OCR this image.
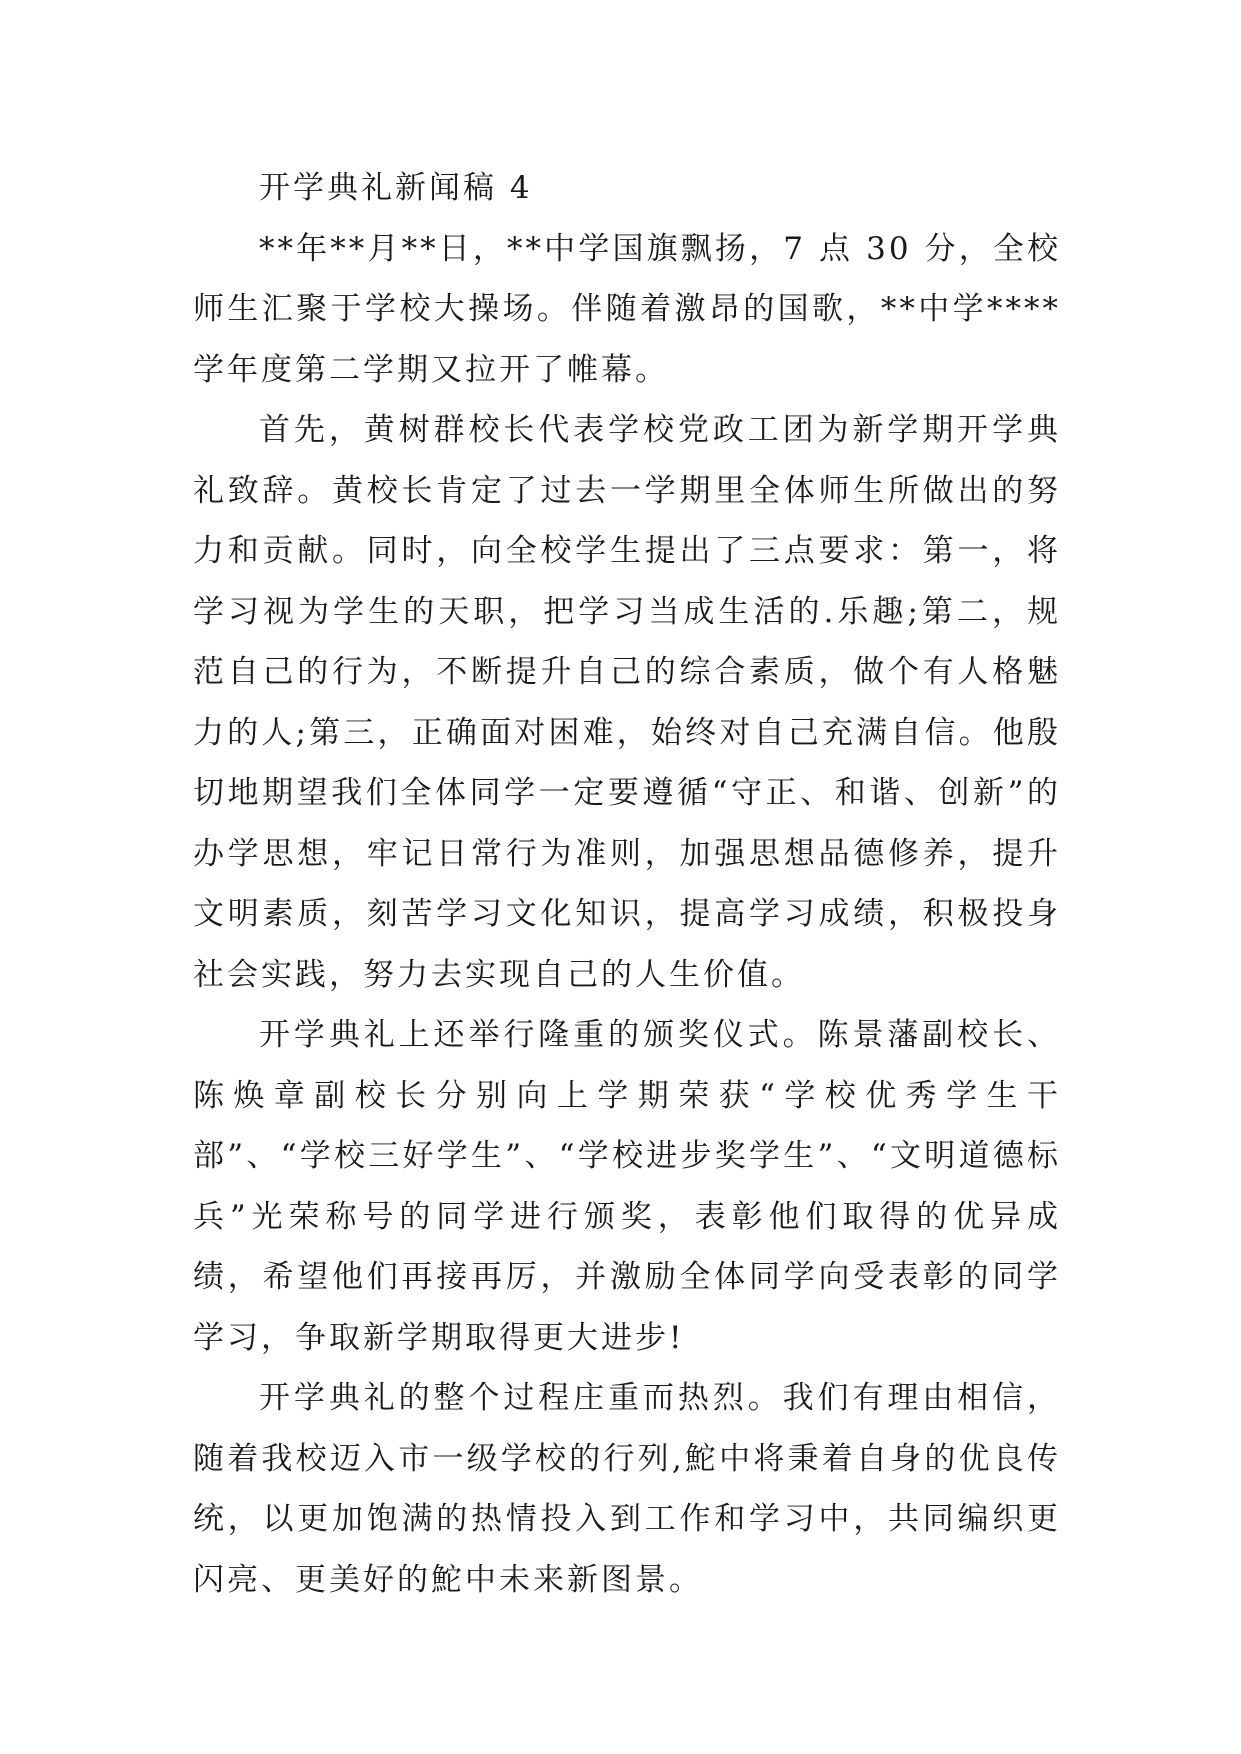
开学典礼新闻稿 4

**年**月**日，**中学国旗飘扬，7 点 30 分，全校师生汇聚于学校大操场。伴随着激昂的国歌，**中学****学年度第二学期又拉开了帷幕。

首先，黄树群校长代表学校党政工团为新学期开学典礼致辞。黄校长肯定了过去一学期里全体师生所做出的努力和贡献。同时，向全校学生提出了三点要求：第一，将学习视为学生的天职，把学习当成生活的.乐趣;第二，规范自己的行为，不断提升自己的综合素质，做个有人格魅力的人;第三，正确面对困难，始终对自己充满自信。他殷切地期望我们全体同学一定要遵循“守正、和谐、创新”的办学思想，牢记日常行为准则，加强思想品德修养，提升文明素质，刻苦学习文化知识，提高学习成绩，积极投身社会实践，努力去实现自己的人生价值。

开学典礼上还举行隆重的颁奖仪式。陈景藩副校长、陈焕章副校长分别向上学期荣获“学校优秀学生干部”、“学校三好学生”、“学校进步奖学生”、“文明道德标兵”光荣称号的同学进行颁奖，表彰他们取得的优异成绩，希望他们再接再厉，并激励全体同学向受表彰的同学学习，争取新学期取得更大进步!

开学典礼的整个过程庄重而热烈。我们有理由相信，随着我校迈入市一级学校的行列,鮀中将秉着自身的优良传统，以更加饱满的热情投入到工作和学习中，共同编织更闪亮、更美好的鮀中未来新图景。
